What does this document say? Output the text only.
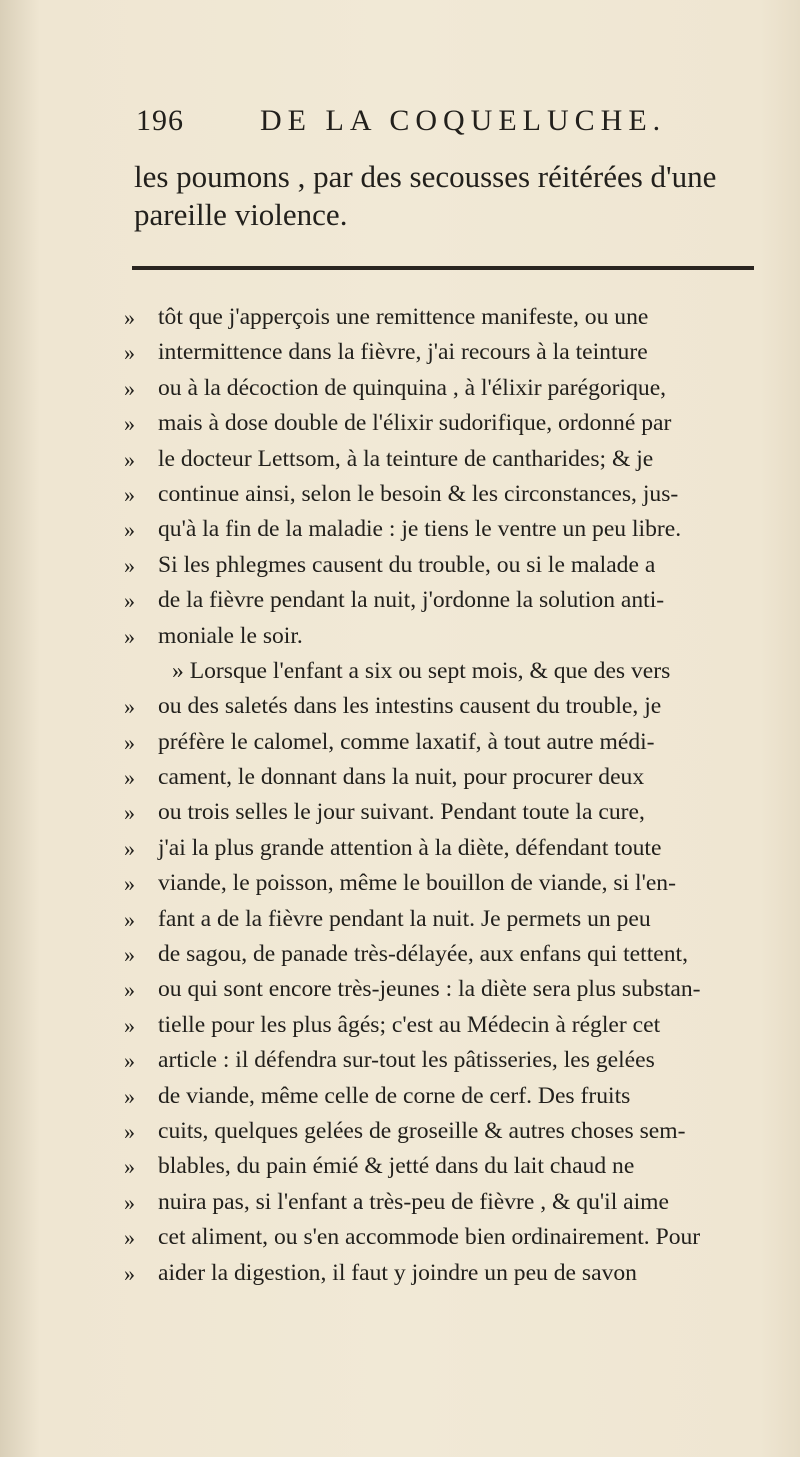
196	DE LA COQUELUCHE.
les poumons , par des secousses réitérées d'une pareille violence.
» tôt que j'apperçois une remittence manifeste, ou une
» intermittence dans la fièvre, j'ai recours à la teinture
» ou à la décoction de quinquina , à l'élixir parégorique,
» mais à dose double de l'élixir sudorifique, ordonné par
» le docteur Lettsom, à la teinture de cantharides; & je
» continue ainsi, selon le besoin & les circonstances, jus-
» qu'à la fin de la maladie : je tiens le ventre un peu libre.
» Si les phlegmes causent du trouble, ou si le malade a
» de la fièvre pendant la nuit, j'ordonne la solution anti-
» moniale le soir.
» Lorsque l'enfant a six ou sept mois, & que des vers
» ou des saletés dans les intestins causent du trouble, je
» préfère le calomel, comme laxatif, à tout autre médi-
» cament, le donnant dans la nuit, pour procurer deux
» ou trois selles le jour suivant. Pendant toute la cure,
» j'ai la plus grande attention à la diète, défendant toute
» viande, le poisson, même le bouillon de viande, si l'en-
» fant a de la fièvre pendant la nuit. Je permets un peu
» de sagou, de panade très-délayée, aux enfans qui tettent,
» ou qui sont encore très-jeunes : la diète sera plus substan-
» tielle pour les plus âgés; c'est au Médecin à régler cet
» article : il défendra sur-tout les pâtisseries, les gelées
» de viande, même celle de corne de cerf. Des fruits
» cuits, quelques gelées de groseille & autres choses sem-
» blables, du pain émié & jetté dans du lait chaud ne
» nuira pas, si l'enfant a très-peu de fièvre , & qu'il aime
» cet aliment, ou s'en accommode bien ordinairement. Pour
» aider la digestion, il faut y joindre un peu de savon
